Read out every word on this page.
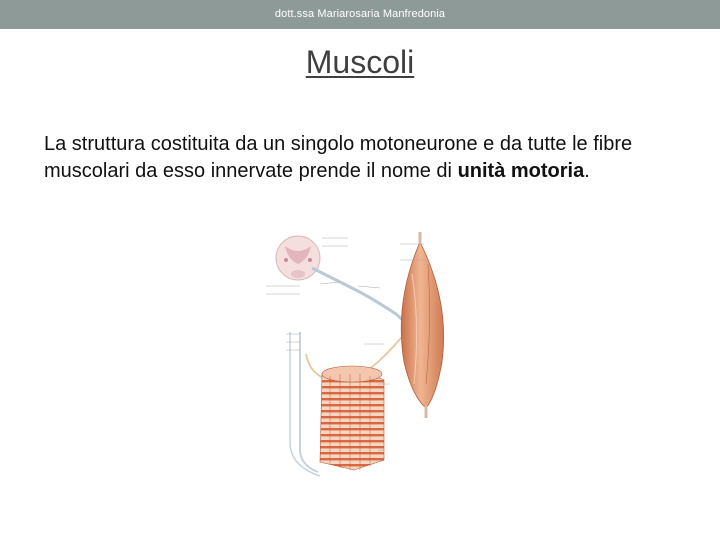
dott.ssa Mariarosaria Manfredonia
Muscoli
La struttura costituita da un singolo motoneurone e da tutte le fibre muscolari da esso innervate prende il nome di unità motoria.
